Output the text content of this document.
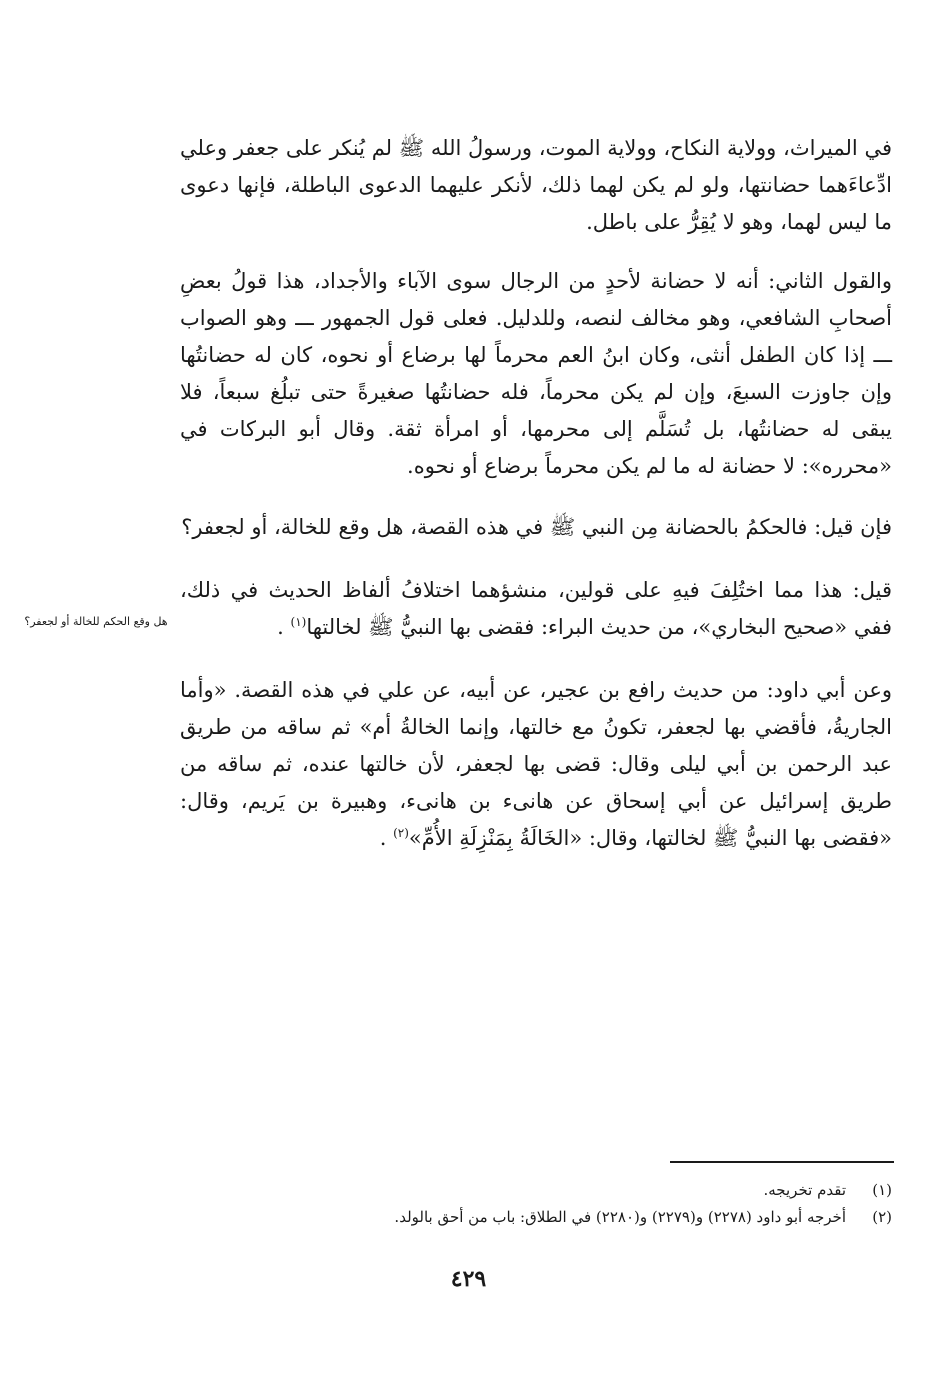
في الميراث، وولاية النكاح، وولاية الموت، ورسولُ الله ﷺ لم يُنكر على جعفر وعلي ادِّعاءَهما حضانتها، ولو لم يكن لهما ذلك، لأنكر عليهما الدعوى الباطلة، فإنها دعوى ما ليس لهما، وهو لا يُقِرُّ على باطل.

والقول الثاني: أنه لا حضانة لأحدٍ من الرجال سوى الآباء والأجداد، هذا قولُ بعضِ أصحابِ الشافعي، وهو مخالف لنصه، وللدليل. فعلى قول الجمهور ـــ وهو الصواب ـــ إذا كان الطفل أنثى، وكان ابنُ العم محرماً لها برضاع أو نحوه، كان له حضانتُها وإن جاوزت السبعَ، وإن لم يكن محرماً، فله حضانتُها صغيرةً حتى تبلُغ سبعاً، فلا يبقى له حضانتُها، بل تُسَلَّم إلى محرمها، أو امرأة ثقة. وقال أبو البركات في «محرره»: لا حضانة له ما لم يكن محرماً برضاع أو نحوه.

فإن قيل: فالحكمُ بالحضانة مِن النبي ﷺ في هذه القصة، هل وقع للخالة، أو لجعفر؟

قيل: هذا مما اختُلِفَ فيهِ على قولين، منشؤهما اختلافُ ألفاظ الحديث في ذلك، ففي «صحيح البخاري»، من حديث البراء: فقضى بها النبيُّ ﷺ لخالتها$^{(١)}$ .

وعن أبي داود: من حديث رافع بن عجير، عن أبيه، عن علي في هذه القصة. «وأما الجاريةُ، فأقضي بها لجعفر، تكونُ مع خالتها، وإنما الخالةُ أم» ثم ساقه من طريق عبد الرحمن بن أبي ليلى وقال: قضى بها لجعفر، لأن خالتها عنده، ثم ساقه من طريق إسرائيل عن أبي إسحاق عن هانىء بن هانىء، وهبيرة بن يَريم، وقال: «فقضى بها النبيُّ ﷺ لخالتها، وقال: «الخَالَةُ بِمَنْزِلَةِ الأُمِّ»$^{(٢)}$ .

هل وقع الحكم للخالة أو لجعفر؟
(١)
تقدم تخريجه.
(٢)
أخرجه أبو داود (٢٢٧٨) و(٢٢٧٩) و(٢٢٨٠) في الطلاق: باب من أحق بالولد.
٤٢٩
